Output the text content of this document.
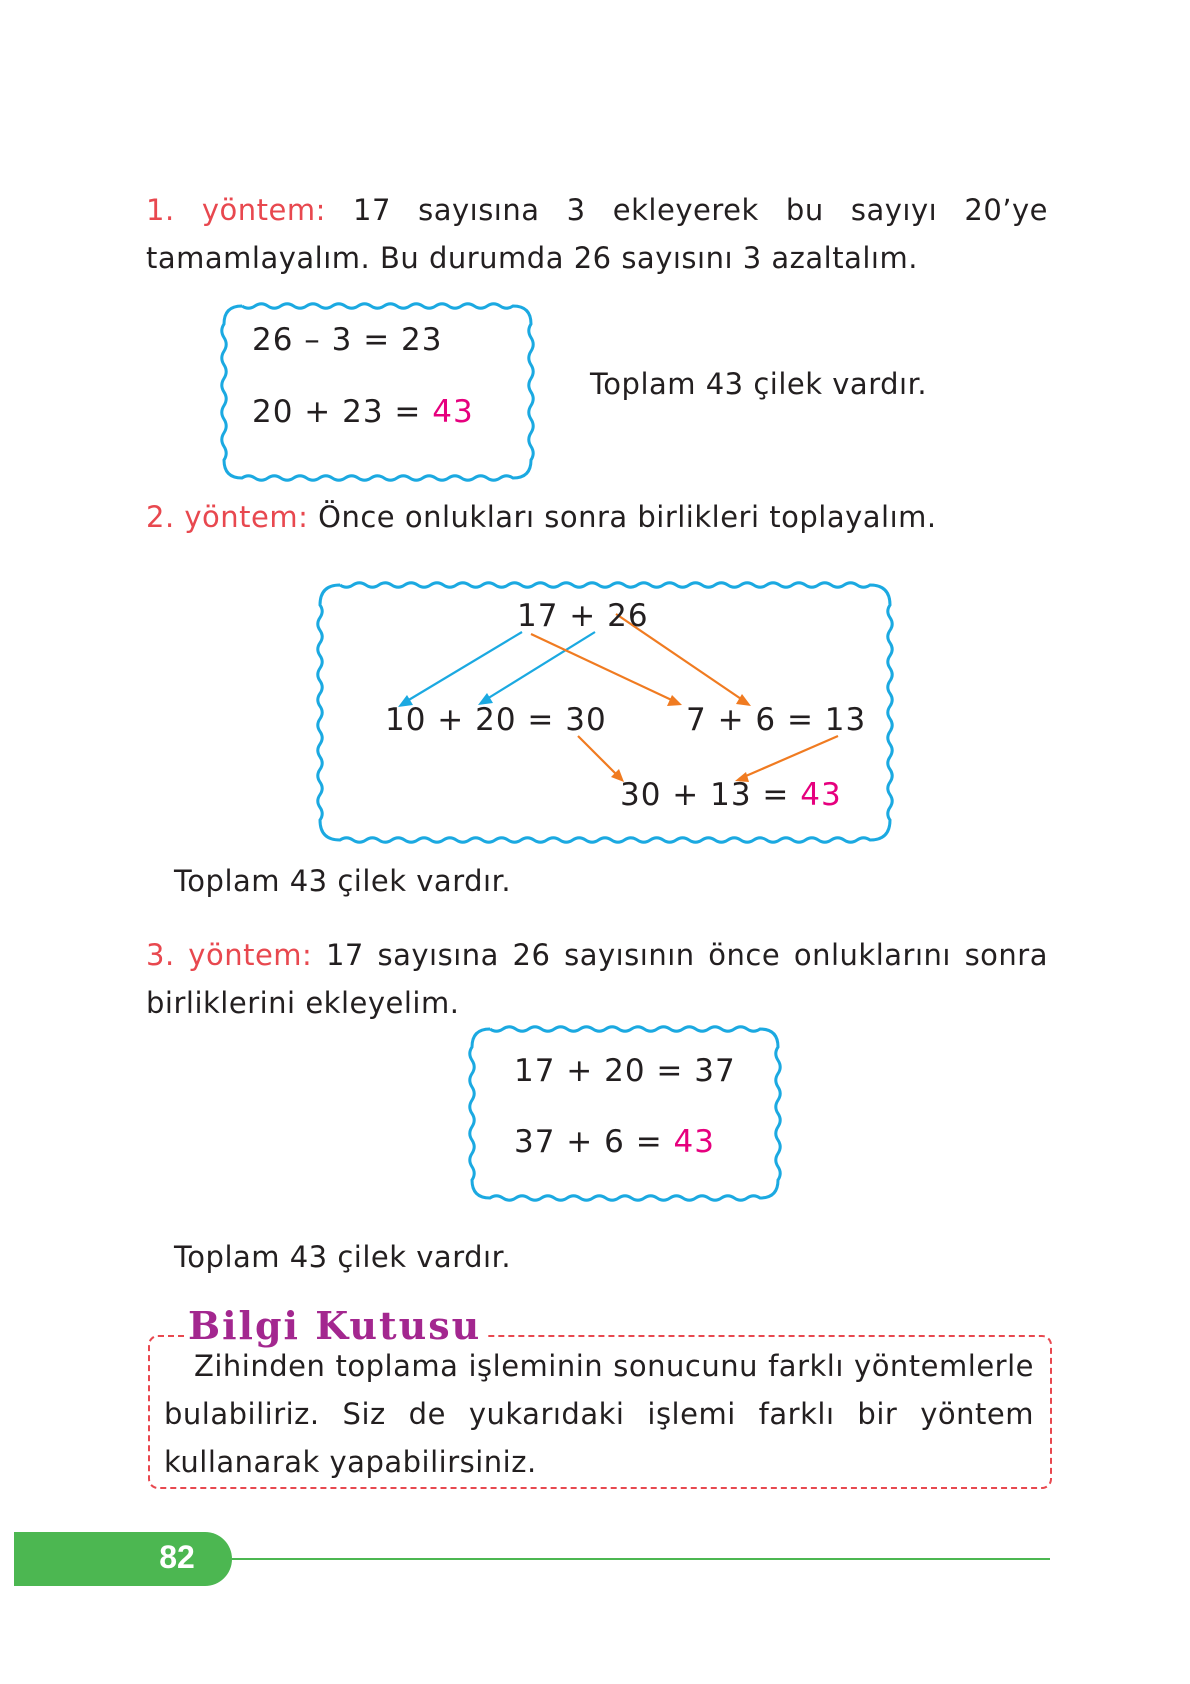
1. yöntem: 17 sayısına 3 ekleyerek bu sayıyı 20’ye tamamlayalım. Bu durumda 26 sayısını 3 azaltalım.
26 – 3 = 23
20 + 23 = 43
Toplam 43 çilek vardır.
2. yöntem: Önce onlukları sonra birlikleri toplayalım.
17 + 26
10 + 20 = 30	7 + 6 = 13
30 + 13 = 43
Toplam 43 çilek vardır.
3. yöntem: 17 sayısına 26 sayısının önce onluklarını sonra birliklerini ekleyelim.
17 + 20 = 37
37 + 6 = 43
Toplam 43 çilek vardır.
Bilgi Kutusu
Zihinden toplama işleminin sonucunu farklı yöntemlerle bulabiliriz. Siz de yukarıdaki işlemi farklı bir yöntem kullanarak yapabilirsiniz.
82
